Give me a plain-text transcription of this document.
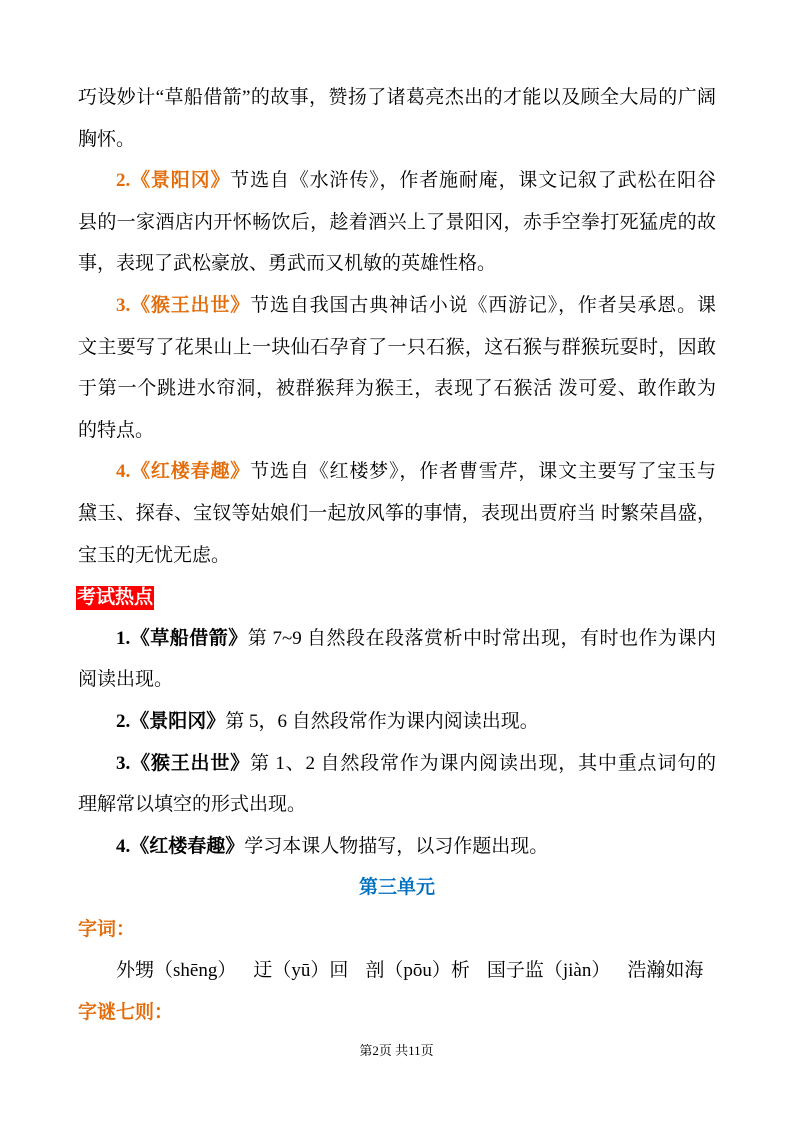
巧设妙计“草船借箭”的故事，赞扬了诸葛亮杰出的才能以及顾全大局的广阔
胸怀。
2.《景阳冈》节选自《水浒传》，作者施耐庵，课文记叙了武松在阳谷
县的一家酒店内开怀畅饮后，趁着酒兴上了景阳冈，赤手空拳打死猛虎的故
事，表现了武松豪放、勇武而又机敏的英雄性格。
3.《猴王出世》节选自我国古典神话小说《西游记》，作者吴承恩。课
文主要写了花果山上一块仙石孕育了一只石猴，这石猴与群猴玩耍时，因敢
于第一个跳进水帘洞，被群猴拜为猴王，表现了石猴活 泼可爱、敢作敢为
的特点。
4.《红楼春趣》节选自《红楼梦》，作者曹雪芹，课文主要写了宝玉与
黛玉、探春、宝钗等姑娘们一起放风筝的事情，表现出贾府当 时繁荣昌盛，
宝玉的无忧无虑。
考试热点
1.《草船借箭》第 7~9 自然段在段落赏析中时常出现，有时也作为课内
阅读出现。
2.《景阳冈》第 5，6 自然段常作为课内阅读出现。
3.《猴王出世》第 1、2 自然段常作为课内阅读出现，其中重点词句的
理解常以填空的形式出现。
4.《红楼春趣》学习本课人物描写，以习作题出现。
第三单元
字词：
外甥（shēng） 迂（yū）回 剖（pōu）析 国子监（jiàn） 浩瀚如海
字谜七则：
第2页 共11页
